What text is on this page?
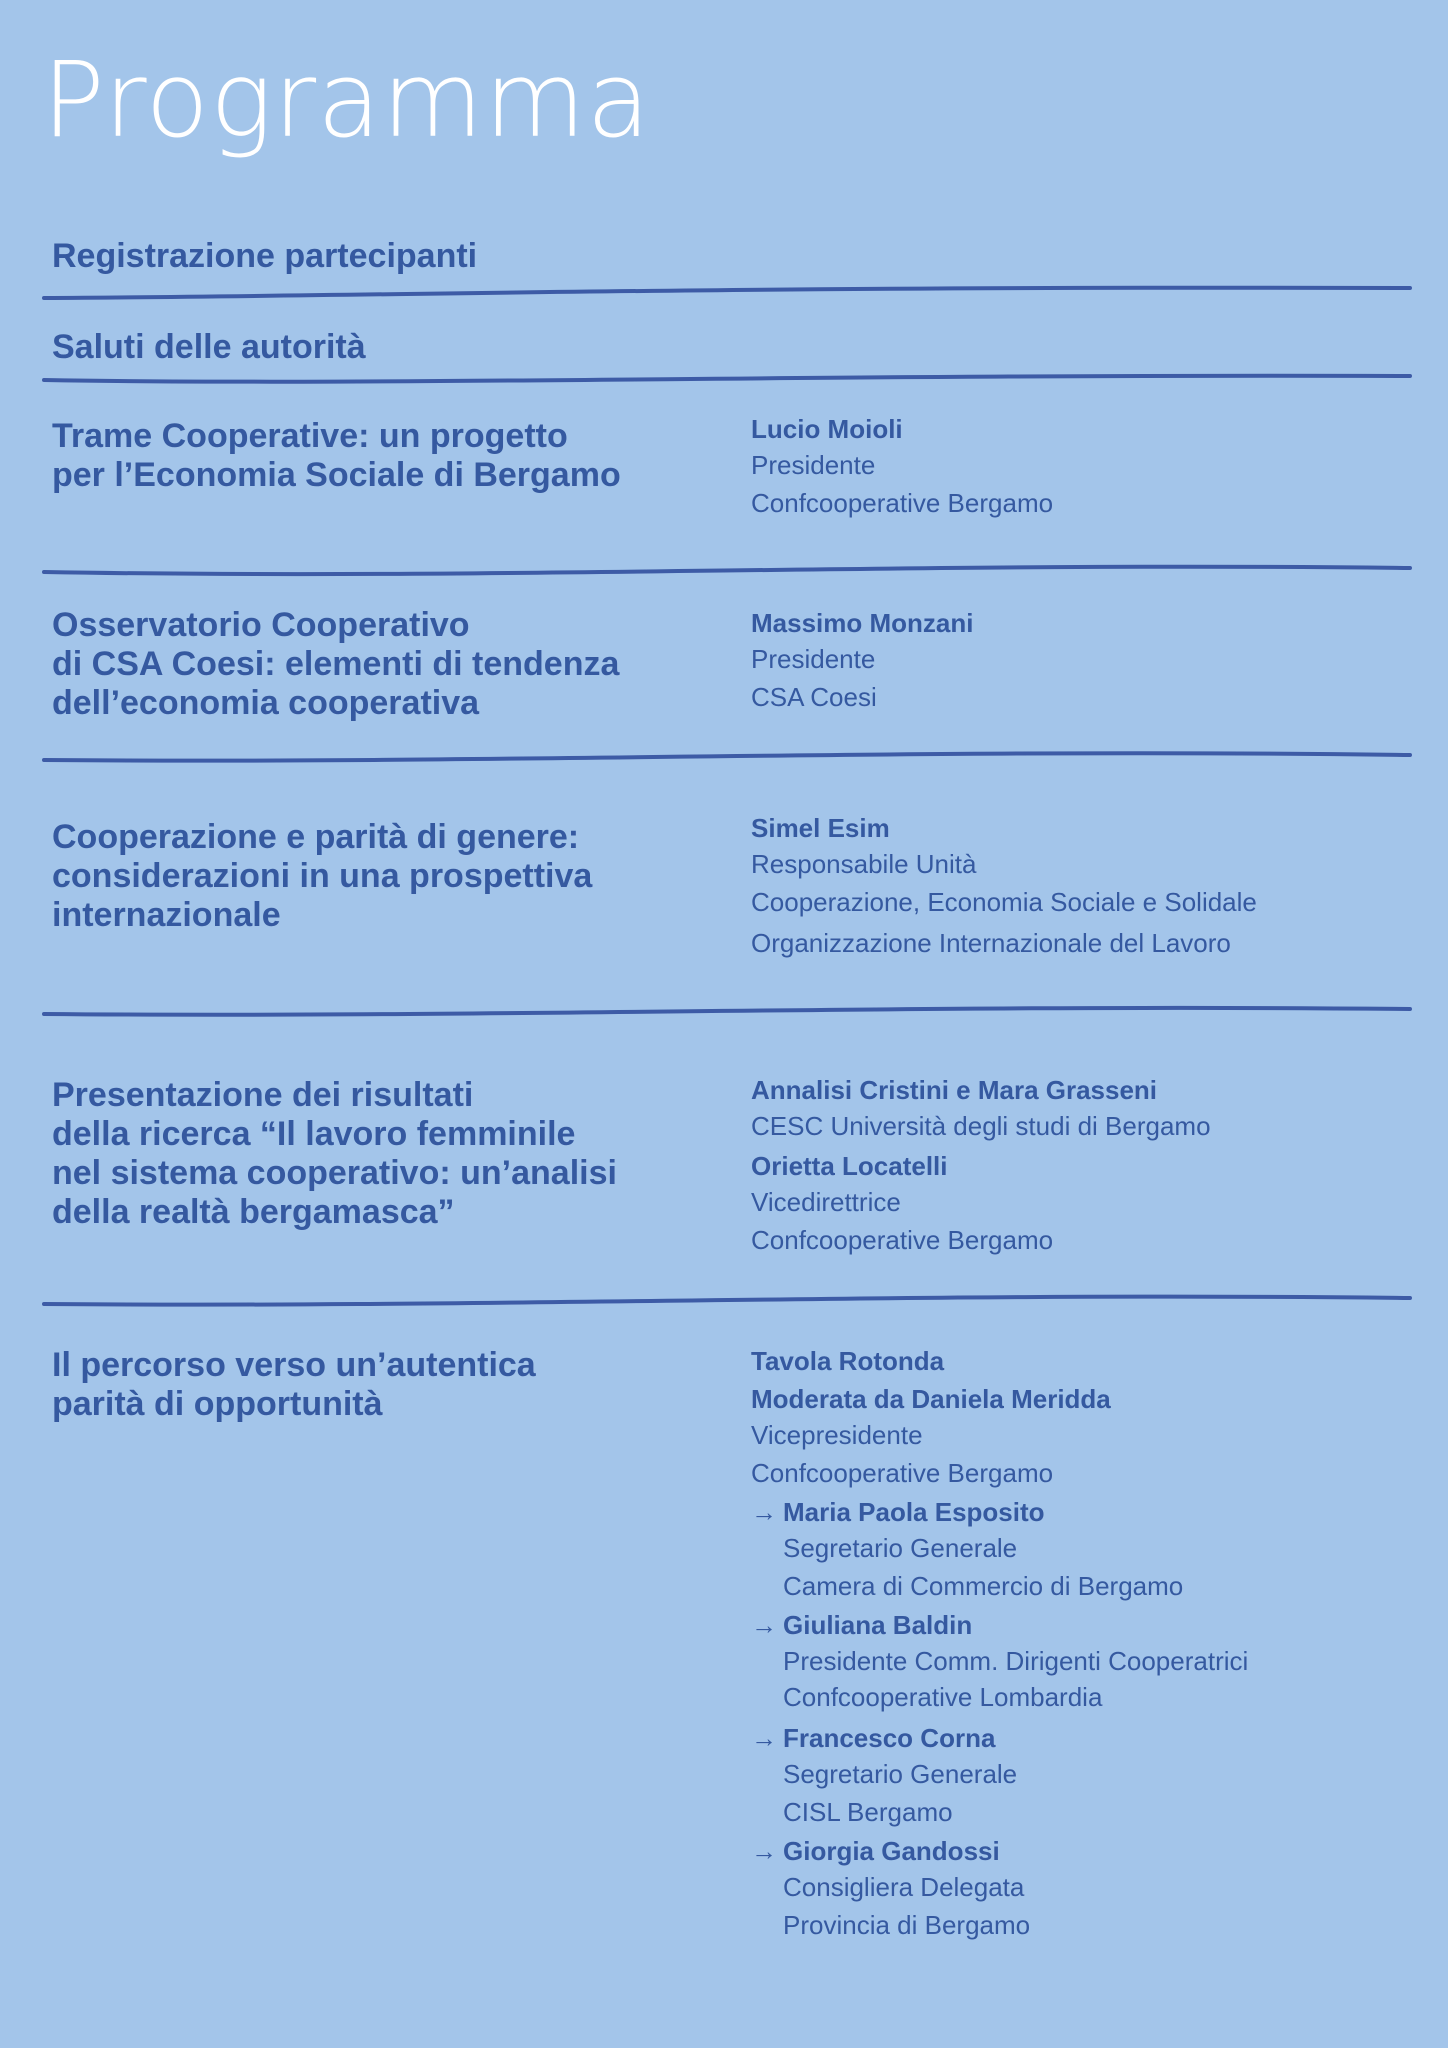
Programma
Registrazione partecipanti
Saluti delle autorità
Trame Cooperative: un progetto
per l’Economia Sociale di Bergamo

Lucio Moioli

Presidente

Confcooperative Bergamo

Osservatorio Cooperativo
di CSA Coesi: elementi di tendenza
dell’economia cooperativa

Massimo Monzani

Presidente

CSA Coesi

Cooperazione e parità di genere:
considerazioni in una prospettiva
internazionale

Simel Esim

Responsabile Unità

Cooperazione, Economia Sociale e Solidale

Organizzazione Internazionale del Lavoro

Presentazione dei risultati
della ricerca “Il lavoro femminile
nel sistema cooperativo: un’analisi
della realtà bergamasca”

Annalisi Cristini e Mara Grasseni

CESC Università degli studi di Bergamo

Orietta Locatelli

Vicedirettrice

Confcooperative Bergamo

Il percorso verso un’autentica
parità di opportunità

Tavola Rotonda

Moderata da Daniela Meridda

Vicepresidente

Confcooperative Bergamo

→ Maria Paola Esposito

Segretario Generale

Camera di Commercio di Bergamo

→ Giuliana Baldin

Presidente Comm. Dirigenti Cooperatrici

Confcooperative Lombardia

→ Francesco Corna

Segretario Generale

CISL Bergamo

→ Giorgia Gandossi

Consigliera Delegata

Provincia di Bergamo
